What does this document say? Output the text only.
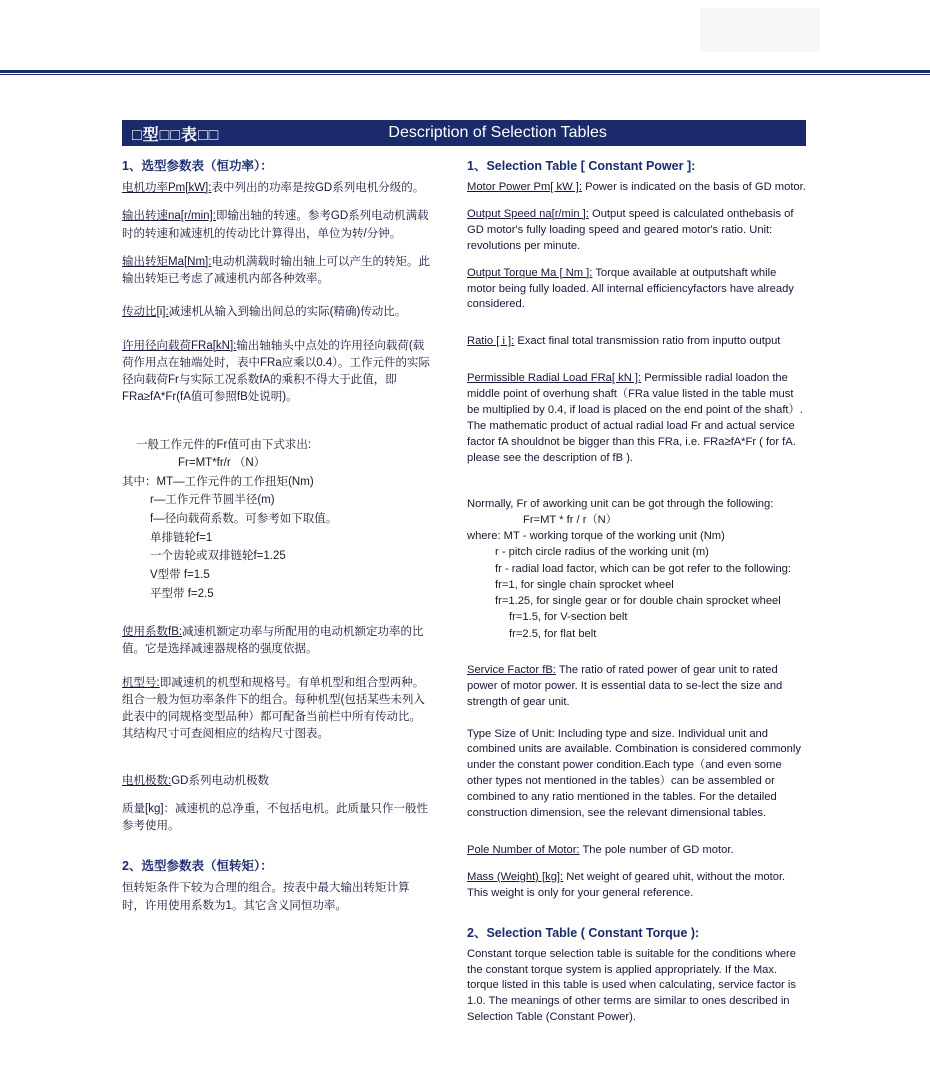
□型□□表□□	Description of Selection Tables
1、选型参数表（恒功率）：
电机功率Pm[kW]:表中列出的功率是按GD系列电机分级的。
输出转速na[r/min]:即输出轴的转速。参考GD系列电动机满载时的转速和减速机的传动比计算得出，单位为转/分钟。
输出转矩Ma[Nm]:电动机满载时输出轴上可以产生的转矩。此输出转矩已考虑了减速机内部各种效率。
传动比[i]:减速机从输入到输出间总的实际(精确)传动比。
许用径向载荷FRa[kN]:输出轴轴头中点处的许用径向载荷(载荷作用点在轴端处时，表中FRa应乘以0.4）。工作元件的实际径向载荷Fr与实际工况系数fA的乘积不得大于此值，即FRa≥fA*Fr(fA值可参照fB处说明)。
一般工作元件的Fr值可由下式求出:
Fr=MT*fr/r （N）
其中：MT—工作元件的工作扭矩(Nm)
r—工作元件节圆半径(m)
f—径向载荷系数。可参考如下取值。
单排链轮f=1
一个齿轮或双排链轮f=1.25
V型带 f=1.5
平型带 f=2.5
使用系数fB:减速机额定功率与所配用的电动机额定功率的比值。它是选择减速器规格的强度依据。
机型号:即减速机的机型和规格号。有单机型和组合型两种。组合一般为恒功率条件下的组合。每种机型(包括某些未列入此表中的同规格变型品种）都可配备当前栏中所有传动比。其结构尺寸可查阅相应的结构尺寸图表。
电机极数:GD系列电动机极数
质量[kg]：减速机的总净重，不包括电机。此质量只作一般性参考使用。
2、选型参数表（恒转矩）：
恒转矩条件下较为合理的组合。按表中最大输出转矩计算时，许用使用系数为1。其它含义同恒功率。
1、Selection Table [ Constant Power ]:
Motor Power Pm[ kW ]: Power is indicated on the basis of GD motor.
Output Speed na[r/min ]: Output speed is calculated onthebasis of GD motor's fully loading speed and geared motor's ratio. Unit: revolutions per minute.
Output Torque Ma [ Nm ]: Torque available at outputshaft while motor being fully loaded. All internal efficiencyfactors have already considered.
Ratio [ i ]: Exact final total transmission ratio from inputto output
Permissible Radial Load FRa[ kN ]: Permissible radial loadon the middle point of overhung shaft（FRa value listed in the table must be multiplied by 0.4, if load is placed on the end point of the shaft）. The mathematic product of actual radial load Fr and actual service factor fA shouldnot be bigger than this FRa, i.e. FRa≥fA*Fr ( for fA. please see the description of fB ).
Normally, Fr of aworking unit can be got through the following:
Fr=MT * fr / r（N）
where: MT - working torque of the working unit (Nm)
r - pitch circle radius of the working unit (m)
fr - radial load factor, which can be got refer to the following:
fr=1, for single chain sprocket wheel
fr=1.25, for single gear or for double chain sprocket wheel
fr=1.5, for V-section belt
fr=2.5, for flat belt
Service Factor fB: The ratio of rated power of gear unit to rated power of motor power. It is essential data to se-lect the size and strength of gear unit.
Type Size of Unit: Including type and size. Individual unit and combined units are available. Combination is considered commonly under the constant power condition.Each type（and even some other types not mentioned in the tables）can be assembled or combined to any ratio mentioned in the tables. For the detailed construction dimension, see the relevant dimensional tables.
Pole Number of Motor: The pole number of GD motor.
Mass (Weight) [kg]: Net weight of geared uhit, without the motor. This weight is only for your general reference.
2、Selection Table ( Constant Torque ):
Constant torque selection table is suitable for the conditions where the constant torque system is applied appropriately. If the Max. torque listed in this table is used when calculating, service factor is 1.0. The meanings of other terms are similar to ones described in Selection Table (Constant Power).
